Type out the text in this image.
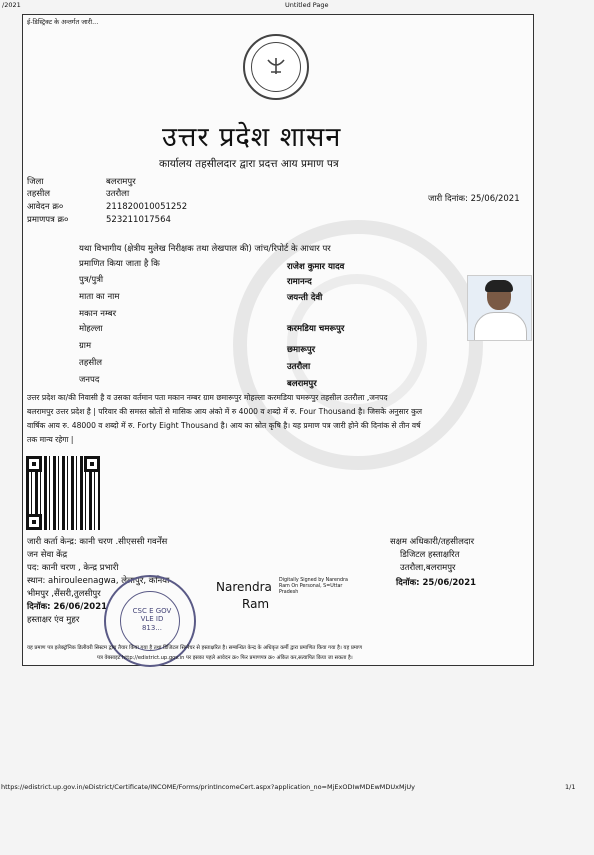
/2021	Untitled Page
ई-डिस्ट्रिक्ट के अन्तर्गत जारी...
उत्तर प्रदेश शासन
कार्यालय तहसीलदार द्वारा प्रदत्त आय प्रमाण पत्र
जिला	बलरामपुर
तहसील	उतरौला
आवेदन क्र०	211820010051252
प्रमाणपत्र क्र०	523211017564
जारी दिनांक: 25/06/2021
यथा विभागीय (क्षेत्रीय मुलेख निरीक्षक तथा लेखपाल की) जांच/रिपोर्ट के आधार पर
प्रमाणित किया जाता है कि	राजेश कुमार यादव
पुत्र/पुत्री	रामानन्द
माता का नाम	जयन्ती देवी
मकान नम्बर
मोहल्ला	करमडिया चमरूपुर
ग्राम	छमारूपुर
तहसील	उतरौला
जनपद	बलरामपुर
उत्तर प्रदेश का/की निवासी है व उसका वर्तमान पता मकान नम्बर ग्राम छमारूपुर मोहल्ला करमडिया चमरूपुर तहसील उतरौला ,जनपद
बलरामपुर उत्तर प्रदेश है | परिवार की समस्त स्रोतों से मासिक आय अंको में रु 4000 व शब्दो में रु. Four Thousand है। जिसके अनुसार कुल
वार्षिक आय रु. 48000 व शब्दो में रु. Forty Eight Thousand है। आय का स्रोत कृषि है। यह प्रमाण पत्र जारी होने की दिनांक से तीन वर्ष
तक मान्य रहेगा |
जारी कर्ता केन्द्र: कानी चरण .सीएससी गवर्नेंस
जन सेवा केंद्र
पद: कानी चरण , केन्द्र प्रभारी
स्थान: ahirouleenagwa, लेलापुर, कनिया
भीमपुर ,सैंसरी,तुलसीपुर
दिनॉक: 26/06/2021
हस्ताक्षर एंव मुहर
CSC E GOV VLE ID 813...
Narendra
Ram
Digitally Signed by Narendra
Ram On Personal, S=Uttar
Pradesh
सक्षम अधिकारी/तहसीलदार
डिजिटल हस्ताक्षरित
उतरौला,बलरामपुर
दिनॉक: 25/06/2021
यह प्रमाण पत्र इलेक्ट्रॉनिक डिलीवरी सिस्टम द्वारा तैयार किया गया है तथा डिजिटल सिग्नेचर से हस्ताक्षरित है। सम्बन्धित केन्द्र के अधिकृत कर्मी द्वारा प्रमाणित किया गया है। यह प्रमाण
पत्र वेबसाइट http://edistrict.up.gov.in पर इसका पहले आवेदन क्र० फिर प्रमाणपत्र क्र० अंकित कर,सत्यापित किया जा सकता है।
https://edistrict.up.gov.in/eDistrict/Certificate/INCOME/Forms/printIncomeCert.aspx?application_no=MjExODIwMDEwMDUxMjUy	1/1
